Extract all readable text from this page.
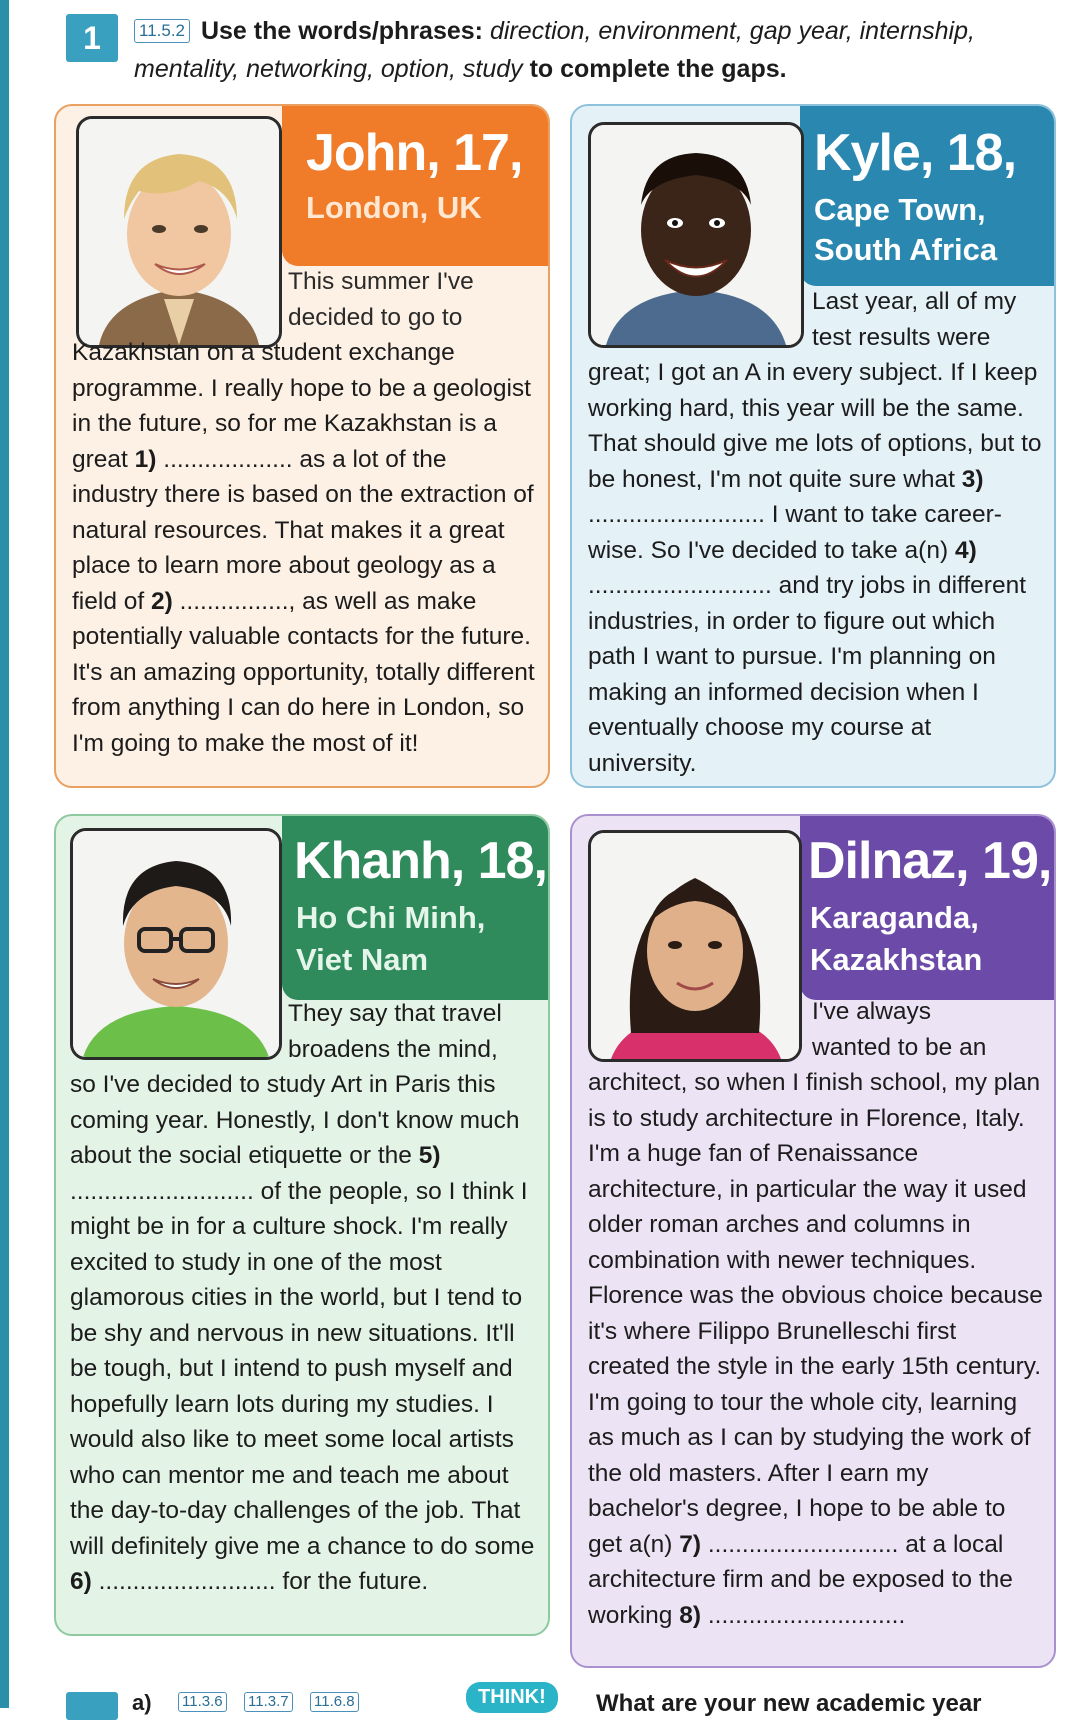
1	11.5.2 Use the words/phrases: direction, environment, gap year, internship, mentality, networking, option, study to complete the gaps.
John, 17,
London, UK
This summer I've
decided to go to
Kazakhstan on a student exchange programme. I really hope to be a geologist in the future, so for me Kazakhstan is a great 1) ................... as a lot of the industry there is based on the extraction of natural resources. That makes it a great place to learn more about geology as a field of 2) ................, as well as make potentially valuable contacts for the future. It's an amazing opportunity, totally different from anything I can do here in London, so I'm going to make the most of it!
Kyle, 18,
Cape Town,
South Africa
Last year, all of my
test results were
great; I got an A in every subject. If I keep working hard, this year will be the same. That should give me lots of options, but to be honest, I'm not quite sure what 3) .......................... I want to take career-wise. So I've decided to take a(n) 4) ........................... and try jobs in different industries, in order to figure out which path I want to pursue. I'm planning on making an informed decision when I eventually choose my course at university.
Khanh, 18,
Ho Chi Minh,
Viet Nam
They say that travel
broadens the mind,
so I've decided to study Art in Paris this coming year. Honestly, I don't know much about the social etiquette or the 5) ........................... of the people, so I think I might be in for a culture shock. I'm really excited to study in one of the most glamorous cities in the world, but I tend to be shy and nervous in new situations. It'll be tough, but I intend to push myself and hopefully learn lots during my studies. I would also like to meet some local artists who can mentor me and teach me about the day-to-day challenges of the job. That will definitely give me a chance to do some 6) .......................... for the future.
Dilnaz, 19,
Karaganda,
Kazakhstan
I've always
wanted to be an
architect, so when I finish school, my plan is to study architecture in Florence, Italy. I'm a huge fan of Renaissance architecture, in particular the way it used older roman arches and columns in combination with newer techniques. Florence was the obvious choice because it's where Filippo Brunelleschi first created the style in the early 15th century. I'm going to tour the whole city, learning as much as I can by studying the work of the old masters. After I earn my bachelor's degree, I hope to be able to get a(n) 7) ............................ at a local architecture firm and be exposed to the working 8) .............................
a) 11.3.6 11.3.7 11.6.8	THINK!	What are your new academic year
